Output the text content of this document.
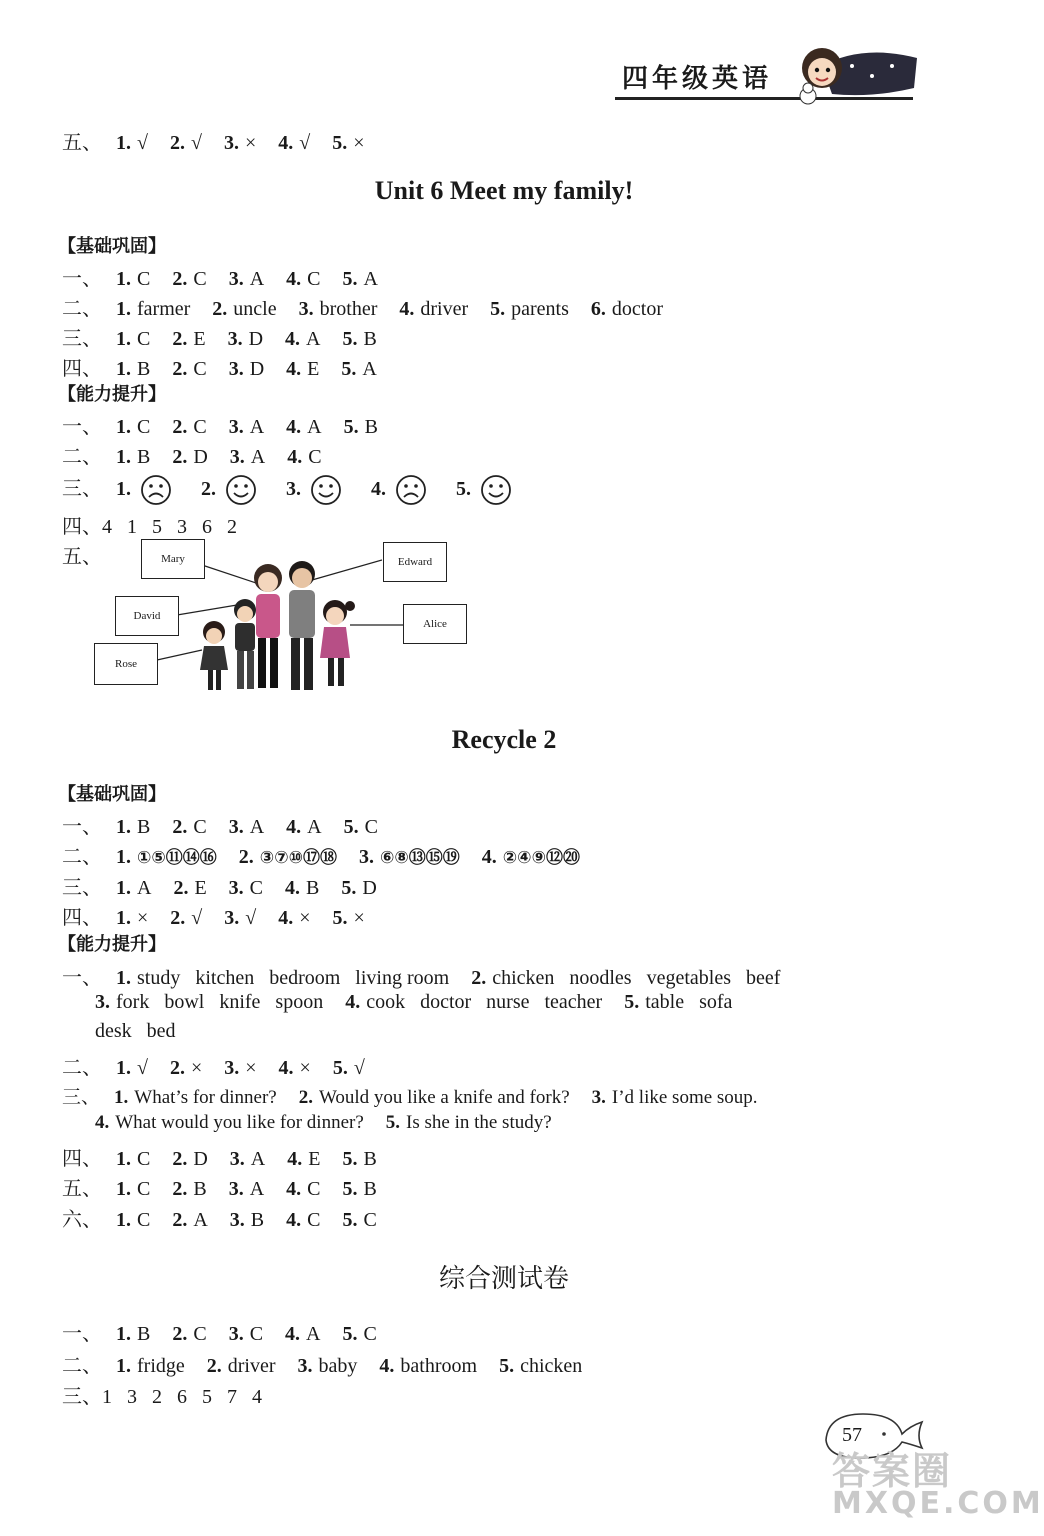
四年级英语
五、 1. √ 2. √ 3. × 4. √ 5. ×
Unit 6 Meet my family!
【基础巩固】
一、 1. C 2. C 3. A 4. C 5. A
二、 1. farmer 2. uncle 3. brother 4. driver 5. parents 6. doctor
三、 1. C 2. E 3. D 4. A 5. B
四、 1. B 2. C 3. D 4. E 5. A
【能力提升】
一、 1. C 2. C 3. A 4. A 5. B
二、 1. B 2. D 3. A 4. C
三、 1.	2.	3.	4.	5.
四、4   1   5   3   6   2
五、	Mary	Edward
David
Alice
Rose
Recycle 2
【基础巩固】
一、 1. B 2. C 3. A 4. A 5. C
二、 1. ①⑤⑪⑭⑯ 2. ③⑦⑩⑰⑱ 3. ⑥⑧⑬⑮⑲ 4. ②④⑨⑫⑳
三、 1. A 2. E 3. C 4. B 5. D
四、 1. × 2. √ 3. √ 4. × 5. ×
【能力提升】
一、 1. study   kitchen   bedroom   living room 2. chicken   noodles   vegetables   beef
3. fork   bowl   knife   spoon 4. cook   doctor   nurse   teacher 5. table   sofa
desk   bed
二、 1. √ 2. × 3. × 4. × 5. √
三、 1. What’s for dinner? 2. Would you like a knife and fork? 3. I’d like some soup.
4. What would you like for dinner? 5. Is she in the study?
四、 1. C 2. D 3. A 4. E 5. B
五、 1. C 2. B 3. A 4. C 5. B
六、 1. C 2. A 3. B 4. C 5. C
综合测试卷
一、 1. B 2. C 3. C 4. A 5. C
二、 1. fridge 2. driver 3. baby 4. bathroom 5. chicken
三、1   3   2   6   5   7   4
57
答案圈
MXQE.COM
